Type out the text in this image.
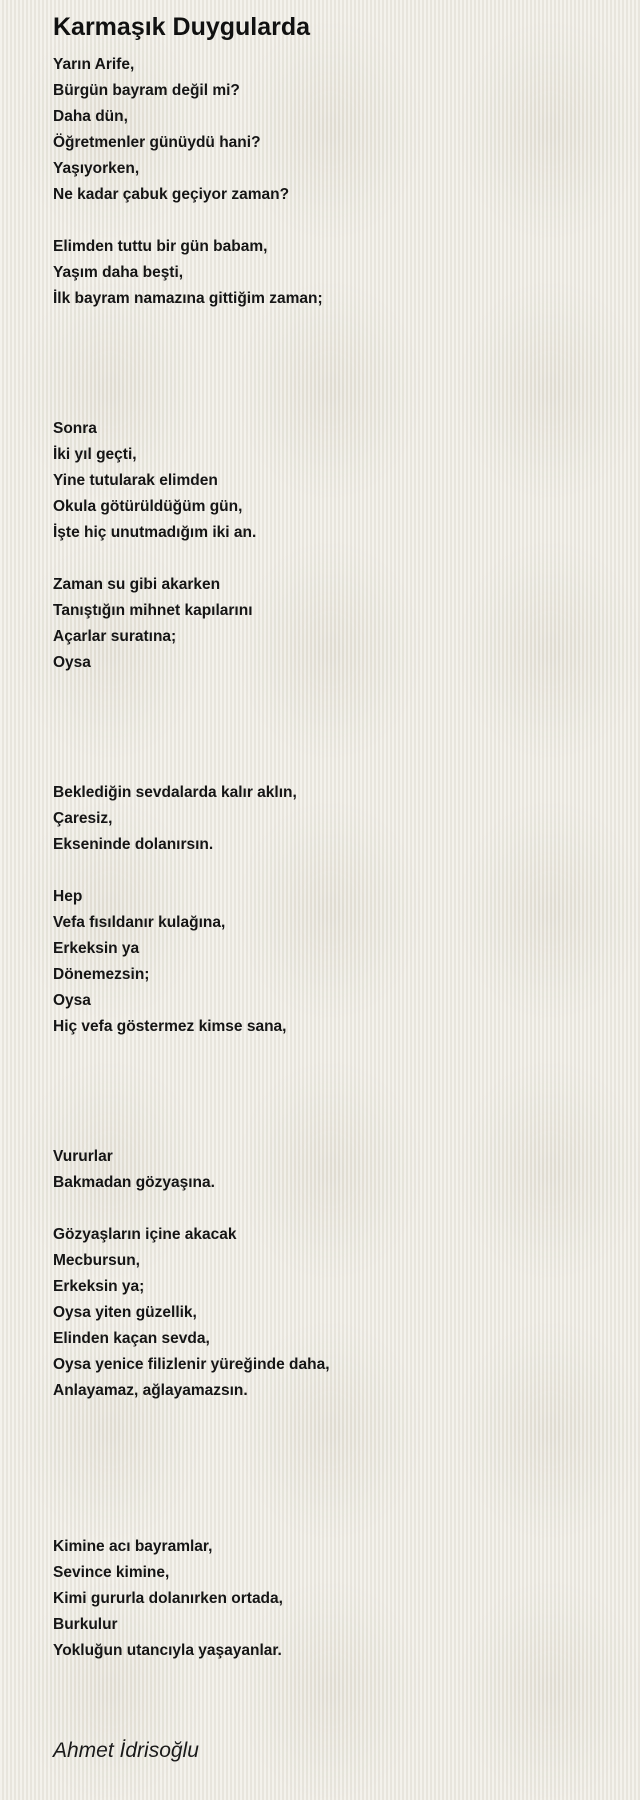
Karmaşık Duygularda
Yarın Arife,
Bürgün bayram değil mi?
Daha dün,
Öğretmenler günüydü hani?
Yaşıyorken,
Ne kadar çabuk geçiyor zaman?
Elimden tuttu bir gün babam,
Yaşım daha beşti,
İlk bayram namazına gittiğim zaman;
Sonra
İki yıl geçti,
Yine tutularak elimden
Okula götürüldüğüm gün,
İşte hiç unutmadığım iki an.
Zaman su gibi akarken
Tanıştığın mihnet kapılarını
Açarlar suratına;
Oysa
Beklediğin sevdalarda kalır aklın,
Çaresiz,
Ekseninde dolanırsın.
Hep
Vefa fısıldanır kulağına,
Erkeksin ya
Dönemezsin;
Oysa
Hiç vefa göstermez kimse sana,
Vururlar
Bakmadan gözyaşına.
Gözyaşların içine akacak
Mecbursun,
Erkeksin ya;
Oysa yiten güzellik,
Elinden kaçan sevda,
Oysa yenice filizlenir yüreğinde daha,
Anlayamaz, ağlayamazsın.
Kimine acı bayramlar,
Sevince kimine,
Kimi gururla dolanırken ortada,
Burkulur
Yokluğun utancıyla yaşayanlar.
Ahmet İdrisoğlu
